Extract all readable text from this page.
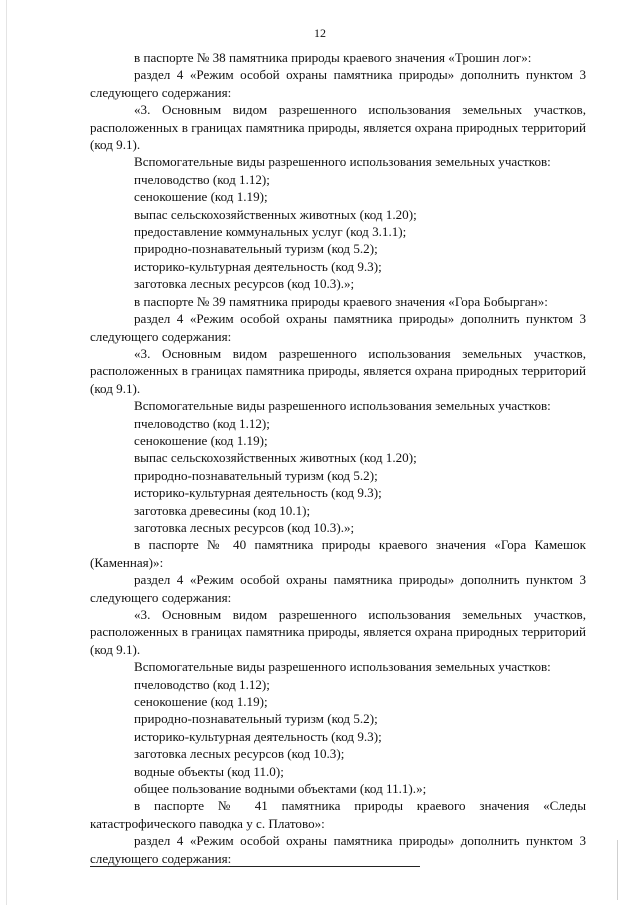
12

в паспорте № 38 памятника природы краевого значения «Трошин лог»:

раздел 4 «Режим особой охраны памятника природы» дополнить пунктом 3 следующего содержания:

«3. Основным видом разрешенного использования земельных участков, расположенных в границах памятника природы, является охрана природных территорий (код 9.1).

Вспомогательные виды разрешенного использования земельных участков:

пчеловодство (код 1.12);

сенокошение (код 1.19);

выпас сельскохозяйственных животных (код 1.20);

предоставление коммунальных услуг (код 3.1.1);

природно-познавательный туризм (код 5.2);

историко-культурная деятельность (код 9.3);

заготовка лесных ресурсов (код 10.3).»;

в паспорте № 39 памятника природы краевого значения «Гора Бобырган»:

раздел 4 «Режим особой охраны памятника природы» дополнить пунктом 3 следующего содержания:

«3. Основным видом разрешенного использования земельных участков, расположенных в границах памятника природы, является охрана природных территорий (код 9.1).

Вспомогательные виды разрешенного использования земельных участков:

пчеловодство (код 1.12);

сенокошение (код 1.19);

выпас сельскохозяйственных животных (код 1.20);

природно-познавательный туризм (код 5.2);

историко-культурная деятельность (код 9.3);

заготовка древесины (код 10.1);

заготовка лесных ресурсов (код 10.3).»;

в паспорте № 40 памятника природы краевого значения «Гора Камешок (Каменная)»:

раздел 4 «Режим особой охраны памятника природы» дополнить пунктом 3 следующего содержания:

«3. Основным видом разрешенного использования земельных участков, расположенных в границах памятника природы, является охрана природных территорий (код 9.1).

Вспомогательные виды разрешенного использования земельных участков:

пчеловодство (код 1.12);

сенокошение (код 1.19);

природно-познавательный туризм (код 5.2);

историко-культурная деятельность (код 9.3);

заготовка лесных ресурсов (код 10.3);

водные объекты (код 11.0);

общее пользование водными объектами (код 11.1).»;

в паспорте № 41 памятника природы краевого значения «Следы катастрофического паводка у с. Платово»:

раздел 4 «Режим особой охраны памятника природы» дополнить пунктом 3 следующего содержания:
